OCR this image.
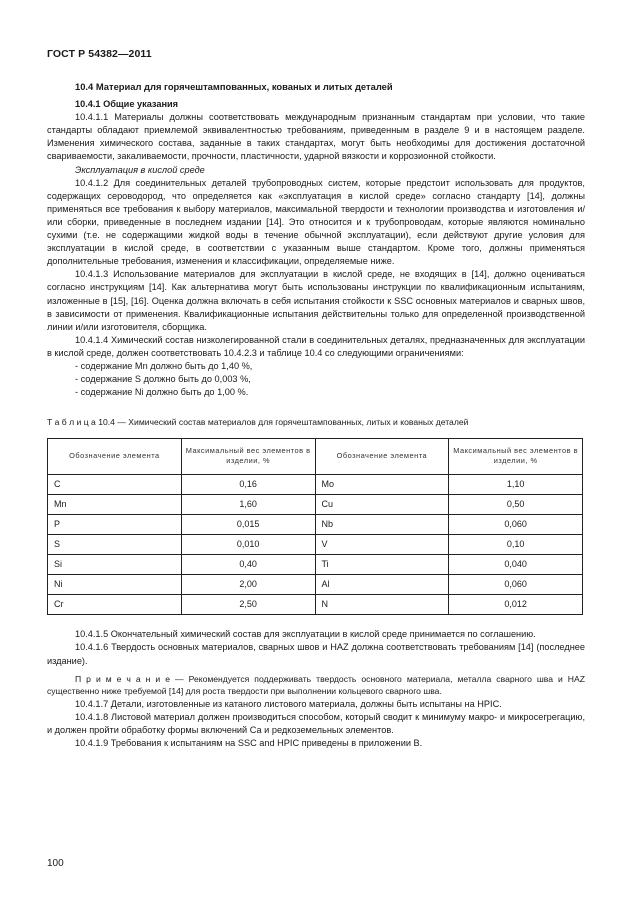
ГОСТ Р 54382—2011

10.4 Материал для горячештампованных, кованых и литых деталей

10.4.1 Общие указания

10.4.1.1 Материалы должны соответствовать международным признанным стандартам при условии, что такие стандарты обладают приемлемой эквивалентностью требованиям, приведенным в разделе 9 и в настоящем разделе. Изменения химического состава, заданные в таких стандартах, могут быть необходимы для достижения достаточной свариваемости, закаливаемости, прочности, пластичности, ударной вязкости и коррозионной стойкости.

Эксплуатация в кислой среде

10.4.1.2 Для соединительных деталей трубопроводных систем, которые предстоит использовать для продуктов, содержащих сероводород, что определяется как «эксплуатация в кислой среде» согласно стандарту [14], должны применяться все требования к выбору материалов, максимальной твердости и технологии производства и изготовления и/или сборки, приведенные в последнем издании [14]. Это относится и к трубопроводам, которые являются номинально сухими (т.е. не содержащими жидкой воды в течение обычной эксплуатации), если действуют другие условия для эксплуатации в кислой среде, в соответствии с указанным выше стандартом. Кроме того, должны применяться дополнительные требования, изменения и классификации, определяемые ниже.

10.4.1.3 Использование материалов для эксплуатации в кислой среде, не входящих в [14], должно оцениваться согласно инструкциям [14]. Как альтернатива могут быть использованы инструкции по квалификационным испытаниям, изложенные в [15], [16]. Оценка должна включать в себя испытания стойкости к SSC основных материалов и сварных швов, в зависимости от применения. Квалификационные испытания действительны только для определенной производственной линии и/или изготовителя, сборщика.

10.4.1.4 Химический состав низколегированной стали в соединительных деталях, предназначенных для эксплуатации в кислой среде, должен соответствовать 10.4.2.3 и таблице 10.4 со следующими ограничениями:

- содержание Mn должно быть до 1,40 %,

- содержание S должно быть до 0,003 %,

- содержание Ni должно быть до 1,00 %.

Т а б л и ц а 10.4 — Химический состав материалов для горячештампованных, литых и кованых деталей

Обозначение элемента	Максимальный вес элементов в изделии, %	Обозначение элемента	Максимальный вес элементов в изделии, %
C	0,16	Mo	1,10
Mn	1,60	Cu	0,50
P	0,015	Nb	0,060
S	0,010	V	0,10
Si	0,40	Ti	0,040
Ni	2,00	Al	0,060
Cr	2,50	N	0,012

10.4.1.5 Окончательный химический состав для эксплуатации в кислой среде принимается по соглашению.

10.4.1.6 Твердость основных материалов, сварных швов и HAZ должна соответствовать требованиям [14] (последнее издание).

П р и м е ч а н и е — Рекомендуется поддерживать твердость основного материала, металла сварного шва и HAZ существенно ниже требуемой [14] для роста твердости при выполнении кольцевого сварного шва.

10.4.1.7 Детали, изготовленные из катаного листового материала, должны быть испытаны на HPIC.

10.4.1.8 Листовой материал должен производиться способом, который сводит к минимуму макро- и микросегрегацию, и должен пройти обработку формы включений Са и редкоземельных элементов.

10.4.1.9 Требования к испытаниям на SSC and HPIC приведены в приложении В.

100
